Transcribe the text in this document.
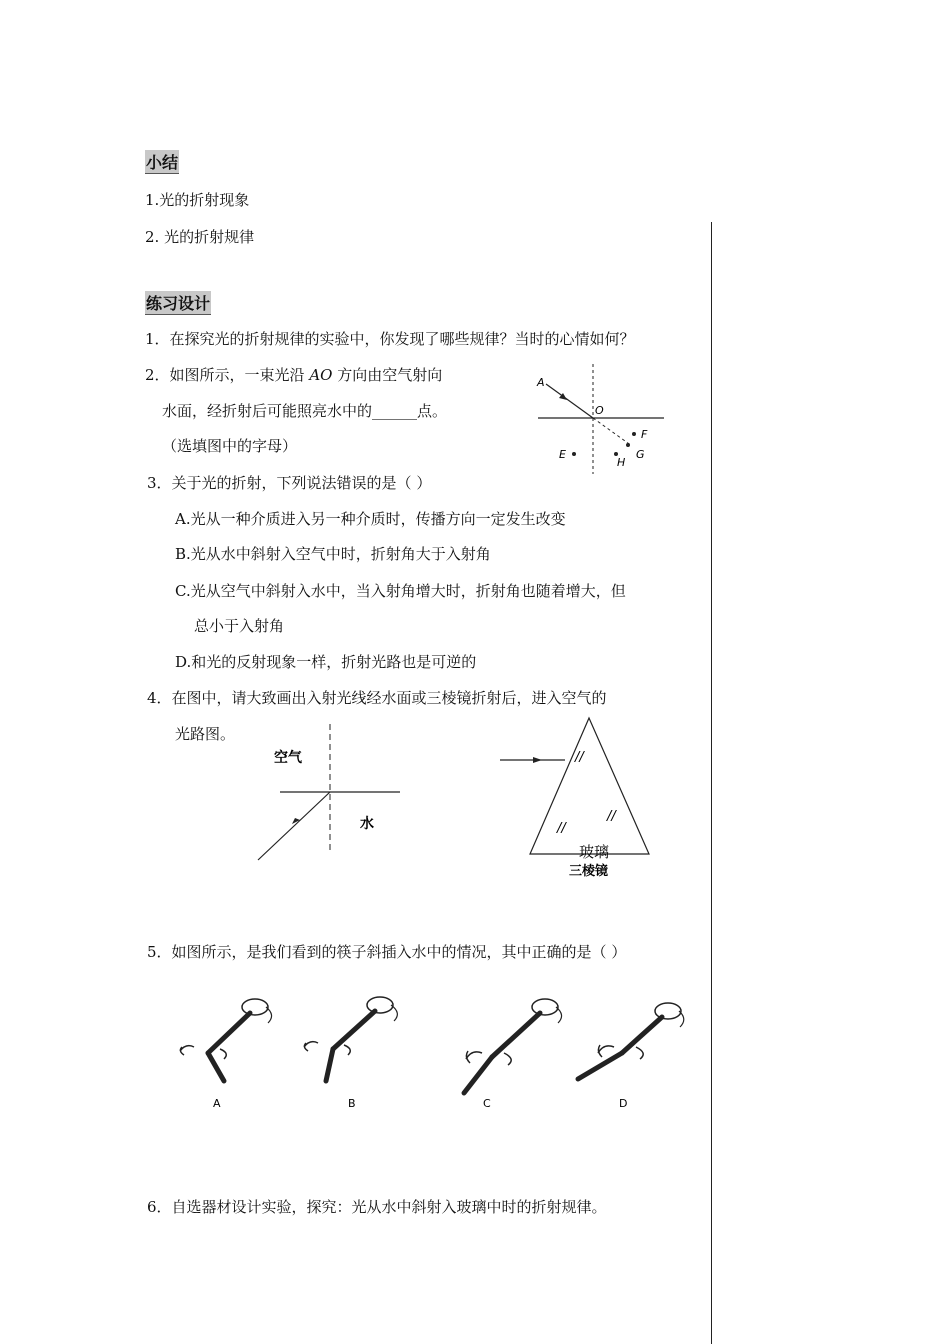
小结
1.光的折射现象
2. 光的折射规律
练习设计
1．在探究光的折射规律的实验中，你发现了哪些规律？当时的心情如何？
2．如图所示，一束光沿 AO 方向由空气射向
水面，经折射后可能照亮水中的______点。
（选填图中的字母）
A
O
F
G
E
H
3．关于光的折射，下列说法错误的是（ ）
A.光从一种介质进入另一种介质时，传播方向一定发生改变
B.光从水中斜射入空气中时，折射角大于入射角
C.光从空气中斜射入水中，当入射角增大时，折射角也随着增大，但
总小于入射角
D.和光的反射现象一样，折射光路也是可逆的
4．在图中，请大致画出入射光线经水面或三棱镜折射后，进入空气的
光路图。
空气
水
//
//
//
玻璃
三棱镜
5．如图所示，是我们看到的筷子斜插入水中的情况，其中正确的是（ ）
A	B	C	D
6．自选器材设计实验，探究：光从水中斜射入玻璃中时的折射规律。
